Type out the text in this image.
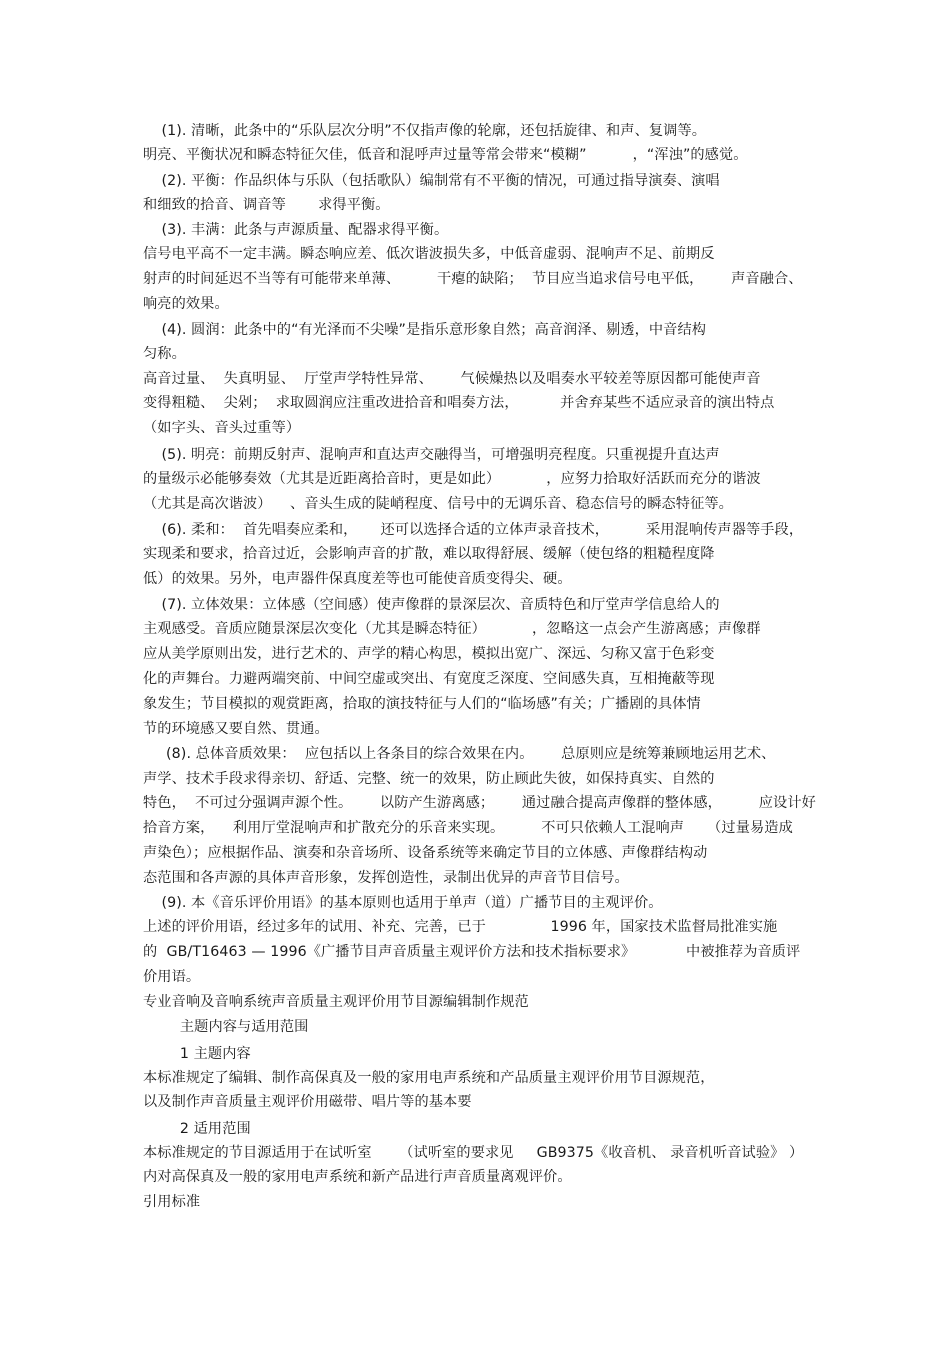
(1). 清晰，此条中的“乐队层次分明”不仅指声像的轮廓，还包括旋律、和声、复调等。
明亮、平衡状况和瞬态特征欠佳，低音和混呼声过量等常会带来“模糊”          ，“浑浊”的感觉。
(2). 平衡：作品织体与乐队（包括歌队）编制常有不平衡的情况，可通过指导演奏、演唱
和细致的拾音、调音等       求得平衡。
(3). 丰满：此条与声源质量、配器求得平衡。
信号电平高不一定丰满。瞬态响应差、低次谐波损失多，中低音虚弱、混响声不足、前期反
射声的时间延迟不当等有可能带来单薄、        干瘪的缺陷；  节目应当追求信号电平低，      声音融合、
响亮的效果。
(4). 圆润：此条中的“有光泽而不尖噪”是指乐意形象自然；高音润泽、剔透，中音结构
匀称。
高音过量、  失真明显、  厅堂声学特性异常、      气候燥热以及唱奏水平较差等原因都可能使声音
变得粗糙、  尖剁；  求取圆润应注重改进拾音和唱奏方法，         并舍弃某些不适应录音的演出特点
（如字头、音头过重等）
(5). 明亮：前期反射声、混响声和直达声交融得当，可增强明亮程度。只重视提升直达声
的量级示必能够奏效（尤其是近距离拾音时，更是如此）          ，应努力拾取好活跃而充分的谐波
（尤其是高次谐波）    、音头生成的陡峭程度、信号中的无调乐音、稳态信号的瞬态特征等。
(6). 柔和：  首先唱奏应柔和，     还可以选择合适的立体声录音技术，        采用混响传声器等手段，
实现柔和要求，拾音过近，会影响声音的扩散，难以取得舒展、缓解（使包络的粗糙程度降
低）的效果。另外，电声器件保真度差等也可能使音质变得尖、硬。
(7). 立体效果：立体感（空间感）使声像群的景深层次、音质特色和厅堂声学信息给人的
主观感受。音质应随景深层次变化（尤其是瞬态特征）          ，忽略这一点会产生游离感；声像群
应从美学原则出发，进行艺术的、声学的精心构思，模拟出宽广、深远、匀称又富于色彩变
化的声舞台。力避两端突前、中间空虚或突出、有宽度乏深度、空间感失真，互相掩蔽等现
象发生；节目模拟的观赏距离，拾取的演技特征与人们的“临场感”有关；广播剧的具体情
节的环境感又要自然、贯通。
(8). 总体音质效果：  应包括以上各条目的综合效果在内。      总原则应是统筹兼顾地运用艺术、
声学、技术手段求得亲切、舒适、完整、统一的效果，防止顾此失彼，如保持真实、自然的
特色，  不可过分强调声源个性。      以防产生游离感；      通过融合提高声像群的整体感，        应设计好
拾音方案，    利用厅堂混响声和扩散充分的乐音来实现。        不可只依赖人工混响声     （过量易造成
声染色）；应根据作品、演奏和杂音场所、设备系统等来确定节目的立体感、声像群结构动
态范围和各声源的具体声音形象，发挥创造性，录制出优异的声音节目信号。
(9). 本《音乐评价用语》的基本原则也适用于单声（道）广播节目的主观评价。
上述的评价用语，经过多年的试用、补充、完善，已于              1996 年，国家技术监督局批准实施
的  GB/T16463 — 1996《广播节目声音质量主观评价方法和技术指标要求》           中被推荐为音质评
价用语。
专业音响及音响系统声音质量主观评价用节目源编辑制作规范
主题内容与适用范围
1 主题内容
本标准规定了编辑、制作高保真及一般的家用电声系统和产品质量主观评价用节目源规范，
以及制作声音质量主观评价用磁带、唱片等的基本要
2 适用范围
本标准规定的节目源适用于在试听室      （试听室的要求见     GB9375《收音机、 录音机听音试验》 ）
内对高保真及一般的家用电声系统和新产品进行声音质量离观评价。
引用标准
